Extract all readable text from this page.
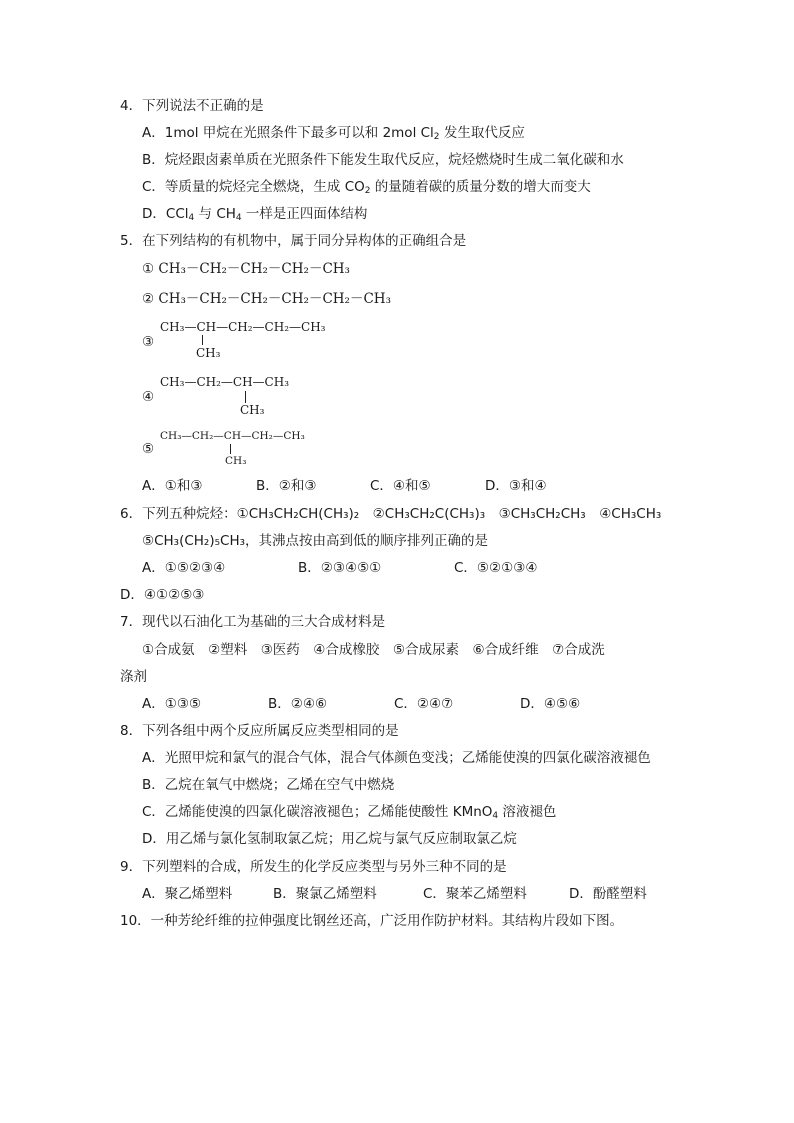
4．下列说法不正确的是
A．1mol 甲烷在光照条件下最多可以和 2mol $Cl_2$ 发生取代反应
B．烷烃跟卤素单质在光照条件下能发生取代反应，烷烃燃烧时生成二氧化碳和水
C．等质量的烷烃完全燃烧，生成 $CO_2$ 的量随着碳的质量分数的增大而变大
D．CCl$_4$ 与 $CH_4$ 一样是正四面体结构
5．在下列结构的有机物中，属于同分异构体的正确组合是
① CH₃－CH₂－CH₂－CH₂－CH₃
② CH₃－CH₂－CH₂－CH₂－CH₂－CH₃
③
CH₃—CH—CH₂—CH₂—CH₃
CH₃
④
CH₃—CH₂—CH—CH₃
CH₃
⑤
CH₃—CH₂—CH—CH₂—CH₃
CH₃
A．①和③	B．②和③	C．④和⑤	D．③和④
6．下列五种烷烃：①CH₃CH₂CH(CH₃)₂　②CH₃CH₂C(CH₃)₃　③CH₃CH₂CH₃　④CH₃CH₃
⑤CH₃(CH₂)₅CH₃，其沸点按由高到低的顺序排列正确的是
A．①⑤②③④	B．②③④⑤①	C．⑤②①③④
D．④①②⑤③
7．现代以石油化工为基础的三大合成材料是
①合成氨　②塑料　③医药　④合成橡胶　⑤合成尿素　⑥合成纤维　⑦合成洗
涤剂
A．①③⑤	B．②④⑥	C．②④⑦	D．④⑤⑥
8．下列各组中两个反应所属反应类型相同的是
A．光照甲烷和氯气的混合气体，混合气体颜色变浅；乙烯能使溴的四氯化碳溶液褪色
B．乙烷在氧气中燃烧；乙烯在空气中燃烧
C．乙烯能使溴的四氯化碳溶液褪色；乙烯能使酸性 KMnO$_4$ 溶液褪色
D．用乙烯与氯化氢制取氯乙烷；用乙烷与氯气反应制取氯乙烷
9．下列塑料的合成，所发生的化学反应类型与另外三种不同的是
A．聚乙烯塑料	B．聚氯乙烯塑料	C．聚苯乙烯塑料	D．酚醛塑料
10．一种芳纶纤维的拉伸强度比钢丝还高，广泛用作防护材料。其结构片段如下图。
